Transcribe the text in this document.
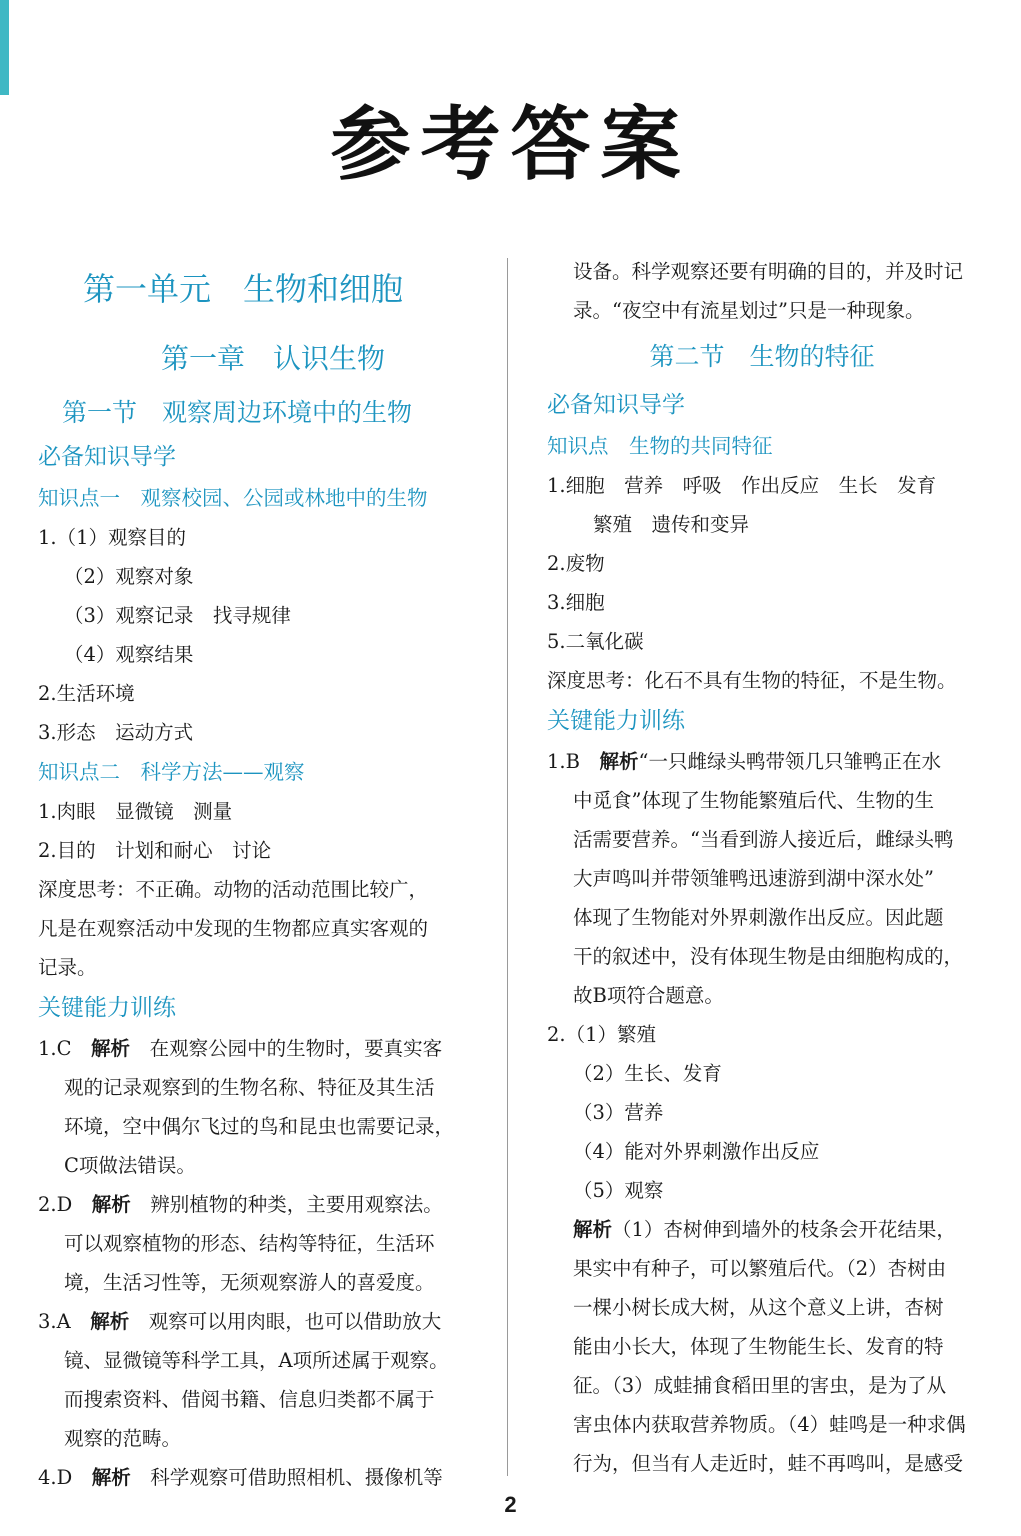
参考答案
第一单元　生物和细胞
第一章　认识生物
第一节　观察周边环境中的生物
必备知识导学
知识点一　观察校园、公园或林地中的生物
1.（1）观察目的
（2）观察对象
（3）观察记录　找寻规律
（4）观察结果
2.生活环境
3.形态　运动方式
知识点二　科学方法——观察
1.肉眼　显微镜　测量
2.目的　计划和耐心　讨论
深度思考：不正确。动物的活动范围比较广，
凡是在观察活动中发现的生物都应真实客观的
记录。
关键能力训练
1.C　 解析　 在观察公园中的生物时，要真实客
观的记录观察到的生物名称、特征及其生活
环境，空中偶尔飞过的鸟和昆虫也需要记录，
C项做法错误。
2.D　 解析　 辨别植物的种类，主要用观察法。
可以观察植物的形态、结构等特征，生活环
境，生活习性等，无须观察游人的喜爱度。
3.A　 解析　 观察可以用肉眼，也可以借助放大
镜、显微镜等科学工具，A项所述属于观察。
而搜索资料、借阅书籍、信息归类都不属于
观察的范畴。
4.D　 解析　 科学观察可借助照相机、摄像机等
设备。科学观察还要有明确的目的，并及时记
录。“夜空中有流星划过”只是一种现象。
第二节　生物的特征
必备知识导学
知识点　生物的共同特征
1.细胞　营养　呼吸　作出反应　生长　发育
繁殖　遗传和变异
2.废物
3.细胞
5.二氧化碳
深度思考：化石不具有生物的特征，不是生物。
关键能力训练
1.B　 解析“一只雌绿头鸭带领几只雏鸭正在水
中觅食”体现了生物能繁殖后代、生物的生
活需要营养。“当看到游人接近后，雌绿头鸭
大声鸣叫并带领雏鸭迅速游到湖中深水处”
体现了生物能对外界刺激作出反应。因此题
干的叙述中，没有体现生物是由细胞构成的，
故B项符合题意。
2.（1）繁殖
（2）生长、发育
（3）营养
（4）能对外界刺激作出反应
（5）观察
解析（1）杏树伸到墙外的枝条会开花结果，
果实中有种子，可以繁殖后代。（2）杏树由
一棵小树长成大树，从这个意义上讲，杏树
能由小长大，体现了生物能生长、发育的特
征。（3）成蛙捕食稻田里的害虫，是为了从
害虫体内获取营养物质。（4）蛙鸣是一种求偶
行为，但当有人走近时，蛙不再鸣叫，是感受
2
